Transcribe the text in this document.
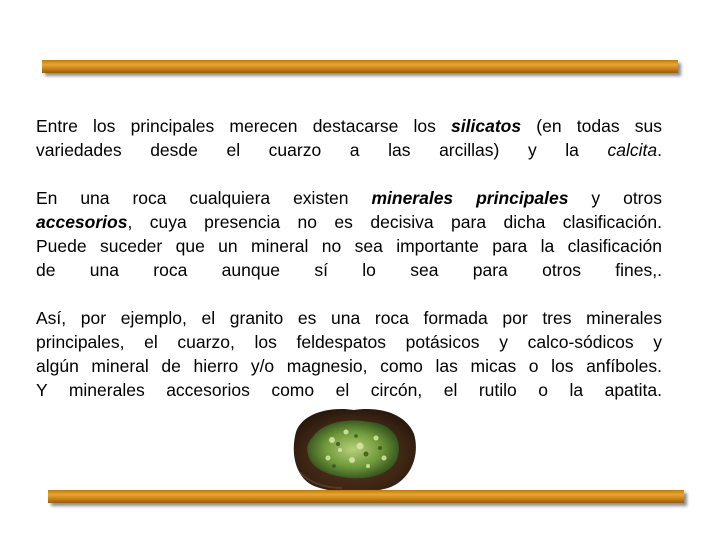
Entre los principales merecen destacarse los silicatos (en todas sus
variedades desde el cuarzo a las arcillas) y la calcita.
En una roca cualquiera existen minerales principales y otros
accesorios, cuya presencia no es decisiva para dicha clasificación.
Puede suceder que un mineral no sea importante para la clasificación
de una roca aunque sí lo sea para otros fines,.
Así, por ejemplo, el granito es una roca formada por tres minerales
principales, el cuarzo, los feldespatos potásicos y calco-sódicos y
algún mineral de hierro y/o magnesio, como las micas o los anfíboles.
Y minerales accesorios como el circón, el rutilo o la apatita.
